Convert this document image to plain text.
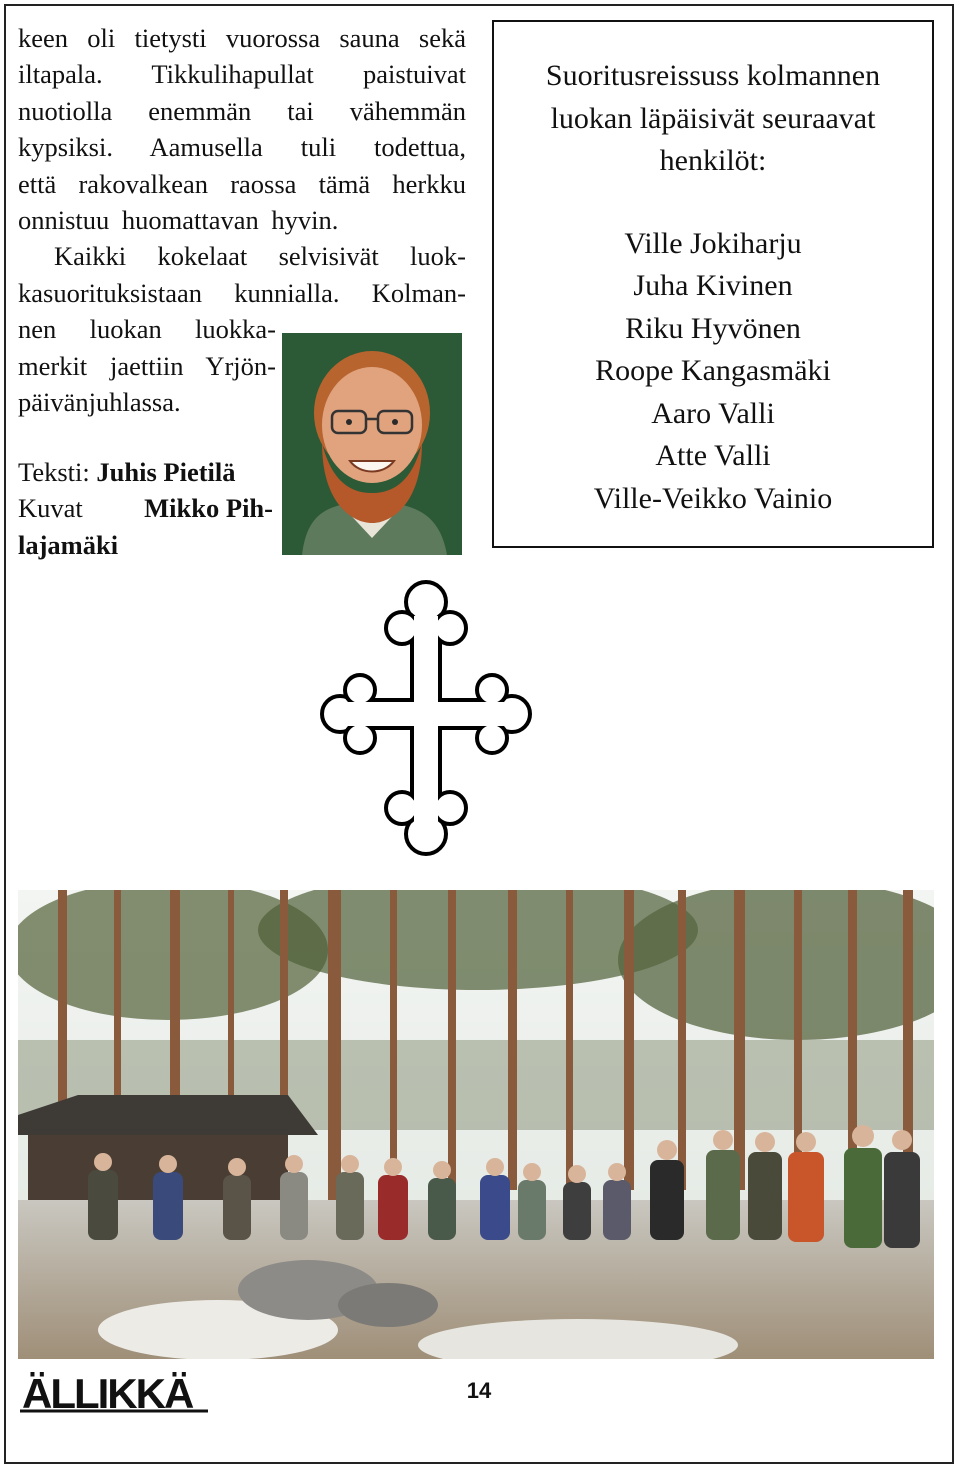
keen oli tietysti vuorossa sauna sekä
iltapala. Tikkulihapullat paistuivat
nuotiolla enemmän tai vähemmän
kypsiksi. Aamusella tuli todettua,
että rakovalkean raossa tämä herkku
onnistuu huomattavan hyvin.
Kaikki kokelaat selvisivät luok-
kasuorituksistaan kunnialla. Kolman-
nen luokan luokka-
merkit jaettiin Yrjön-
päivänjuhlassa.
Teksti: Juhis Pietilä
Kuvat Mikko Pih-
lajamäki
Suoritusreissuss kolmannen
luokan läpäisivät seuraavat
henkilöt:
Ville Jokiharju
Juha Kivinen
Riku Hyvönen
Roope Kangasmäki
Aaro Valli
Atte Valli
Ville-Veikko Vainio
ÄLLIKKÄ	14
